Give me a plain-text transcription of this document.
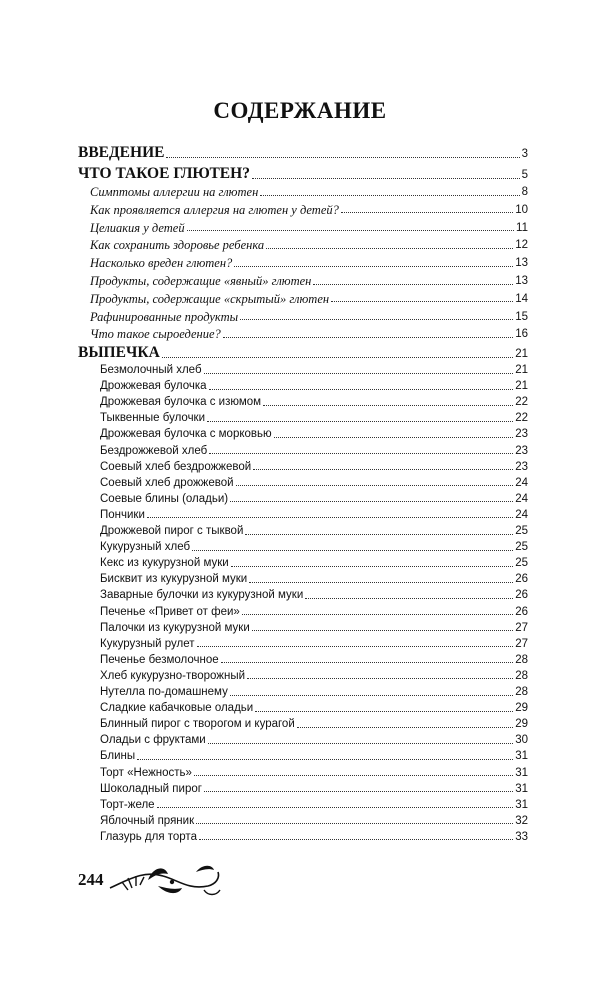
СОДЕРЖАНИЕ
ВВЕДЕНИЕ	3
ЧТО ТАКОЕ ГЛЮТЕН?	5
Симптомы аллергии на глютен	8
Как проявляется аллергия на глютен у детей?	10
Целиакия у детей	11
Как сохранить здоровье ребенка	12
Насколько вреден глютен?	13
Продукты, содержащие «явный» глютен	13
Продукты, содержащие «скрытый» глютен	14
Рафинированные продукты	15
Что такое сыроедение?	16
ВЫПЕЧКА	21
Безмолочный хлеб	21
Дрожжевая булочка	21
Дрожжевая булочка с изюмом	22
Тыквенные булочки	22
Дрожжевая булочка с морковью	23
Бездрожжевой хлеб	23
Соевый хлеб бездрожжевой	23
Соевый хлеб дрожжевой	24
Соевые блины (оладьи)	24
Пончики	24
Дрожжевой пирог с тыквой	25
Кукурузный хлеб	25
Кекс из кукурузной муки	25
Бисквит из кукурузной муки	26
Заварные булочки из кукурузной муки	26
Печенье «Привет от феи»	26
Палочки из кукурузной муки	27
Кукурузный рулет	27
Печенье безмолочное	28
Хлеб кукурузно-творожный	28
Нутелла по-домашнему	28
Сладкие кабачковые оладьи	29
Блинный пирог с творогом и курагой	29
Оладьи с фруктами	30
Блины	31
Торт «Нежность»	31
Шоколадный пирог	31
Торт-желе	31
Яблочный пряник	32
Глазурь для торта	33
244
